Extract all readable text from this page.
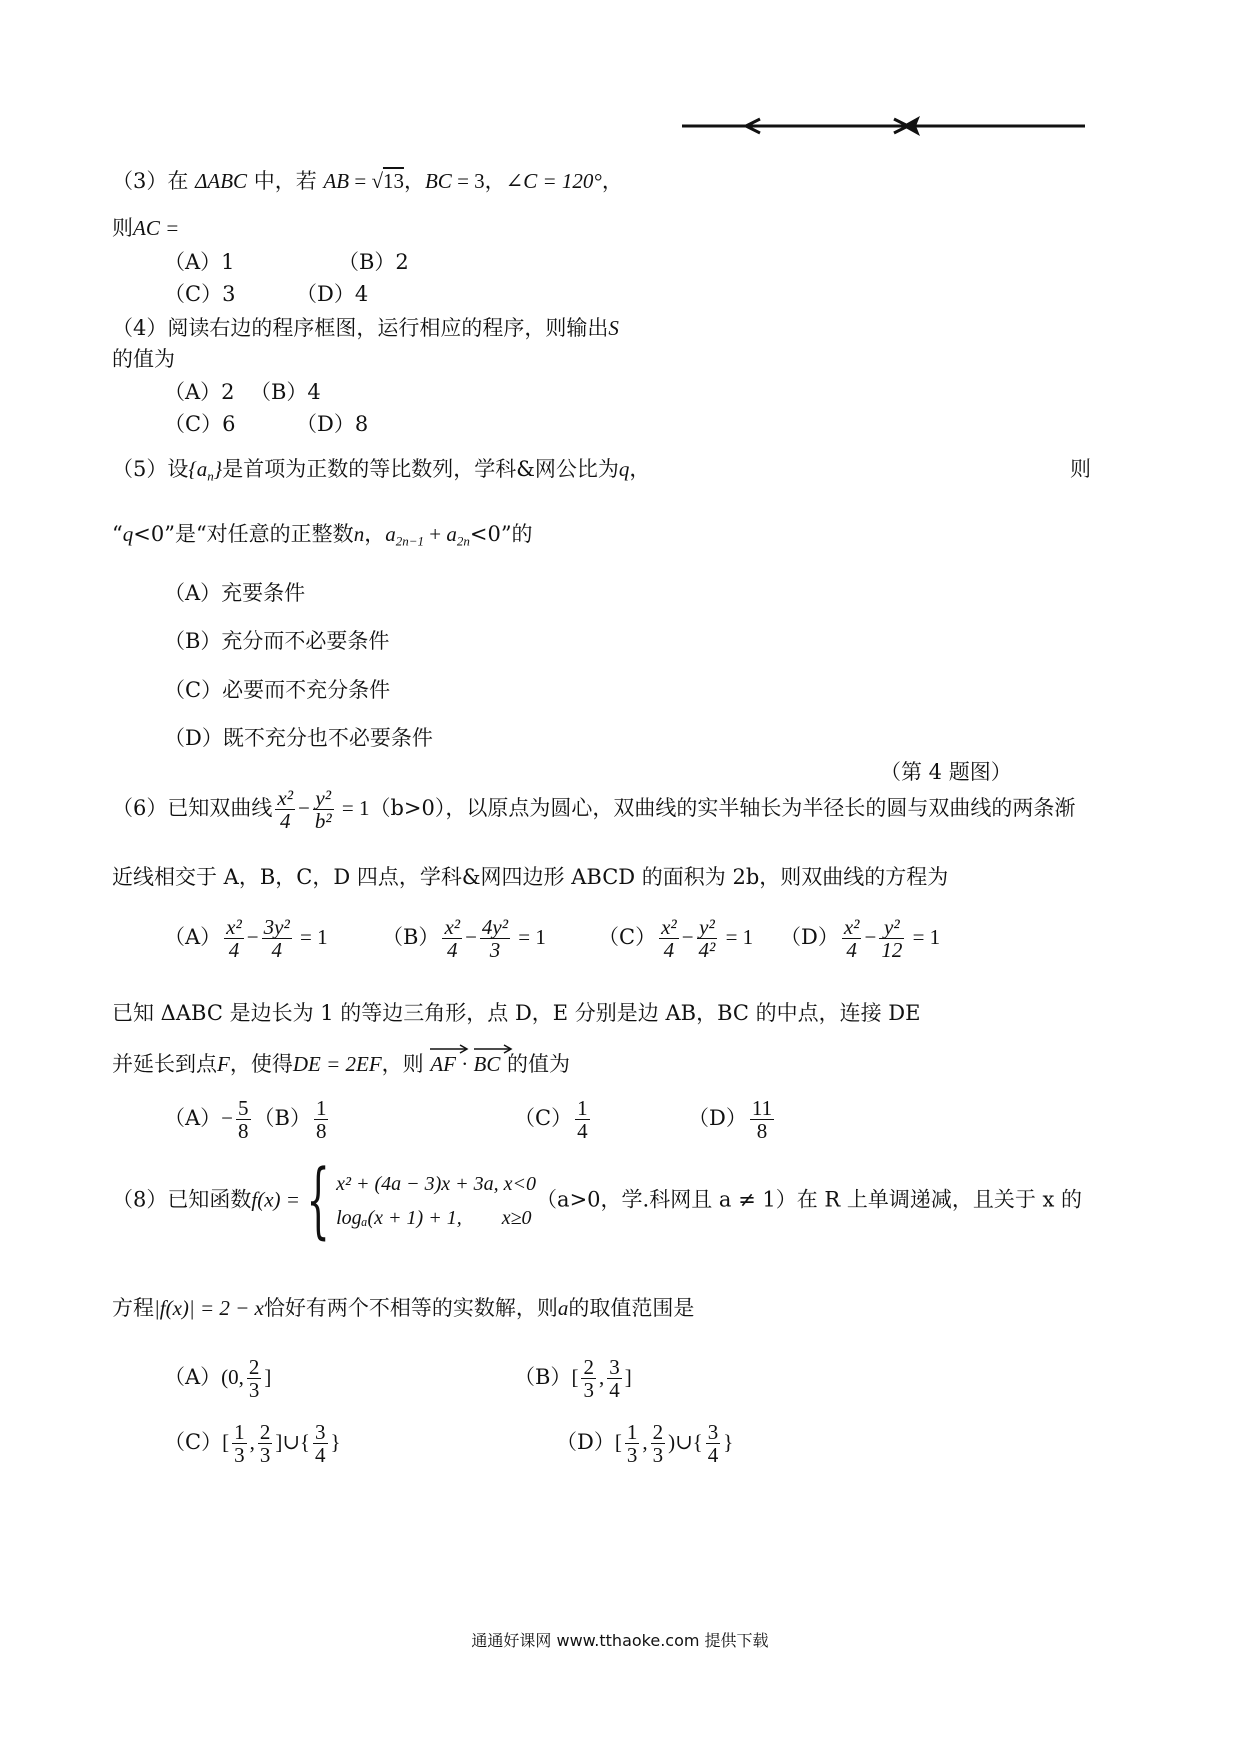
（3）在 ΔABC 中，若 AB = √13，BC = 3，∠C = 120°，
则AC =
（A）1	（B）2
（C）3	（D）4
（4）阅读右边的程序框图，运行相应的程序，则输出S
的值为
（A）2 （B）4
（C）6	（D）8
（5）设$\{a_n\}$是首项为正数的等比数列，学科&网公比为q，	则
“q<0”是“对任意的正整数n，$a_{2n-1} + a_{2n}<0$”的
（A）充要条件
（B）充分而不必要条件
（C）必要而不充分条件
（D）既不充分也不必要条件
（第 4 题图）
（6）已知双曲线 $\frac{\text{x²}}{4} - \frac{\text{y²}}{\text{b²}} = 1(b>0)$，以原点为圆心，双曲线的实半轴长为半径长的圆与双曲线的两条渐
近线相交于 A，B，C，D 四点，学科&网四边形 ABCD 的面积为 2b，则双曲线的方程为
$(A) \frac{\text{x²}}{4} - \frac{\text{3y²}}{4} = 1$	$(B) \frac{\text{x²}}{4} - \frac{\text{4y²}}{3} = 1$ $(C) \frac{\text{x²}}{4} - \frac{\text{y²}}{\text{4²}} = 1$ $(D) \frac{\text{x²}}{4} - \frac{\text{y²}}{12} = 1$
已知 ΔABC 是边长为 1 的等边三角形，点 D，E 分别是边 AB，BC 的中点，连接 DE
并延长到点F，使得DE = 2EF，则 AF
· BC 的值为
$(A)- \frac{5}{8} (B) \frac{1}{8}$	$(C) \frac{1}{4}$	$(D) \frac{11}{8}$
（8）已知函数f(x) ={ x² + (4a − 3)x + 3a, x<0
logₐ(x + 1) + 1,        x≥0
（a>0，学.科网且 a ≠ 1）在 R 上单调递减，且关于 x 的
方程|f(x)| = 2 − x恰好有两个不相等的实数解，则a的取值范围是
（A）(0, $\frac{2}{3}$ ]	$(B)[ \frac{2}{3}$ , $\frac{3}{4}$ ]
$(C)[ \frac{1}{3}$ , $\frac{2}{3}$ ]∪{ $\frac{3}{4}$ }	$(D)[ \frac{1}{3}$ , $\frac{2}{3}$ )∪{ $\frac{3}{4}$ }
通通好课网 www.tthaoke.com 提供下载
